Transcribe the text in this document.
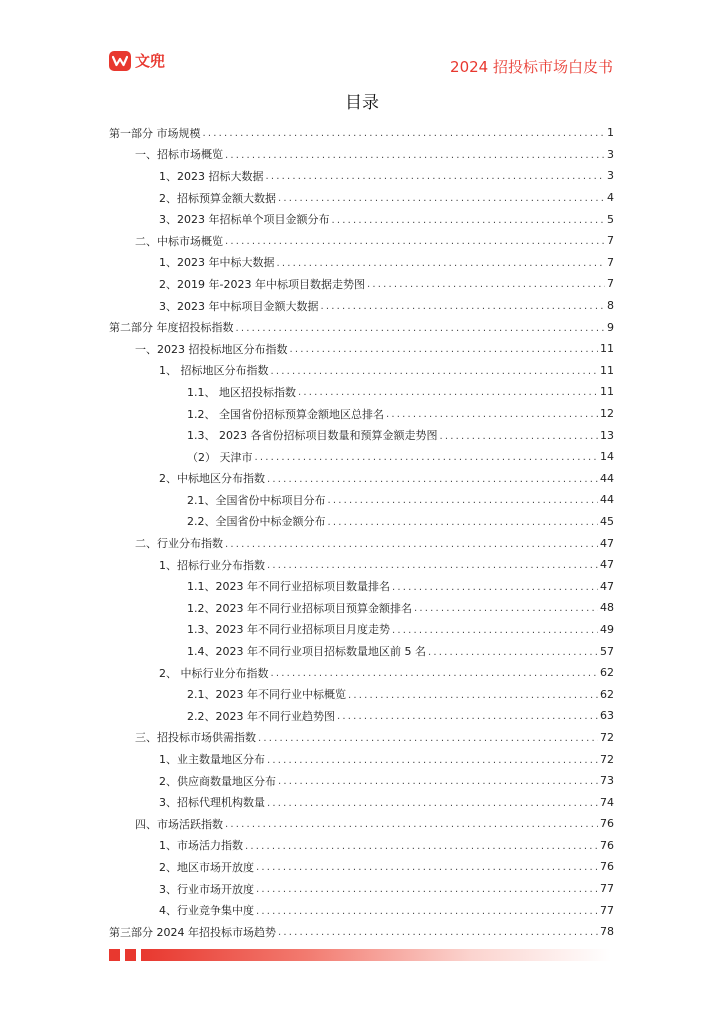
文兜	2024 招投标市场白皮书
目录
第一部分 市场规模 .....	1
一、招标市场概览 .....	3
1、2023 招标大数据 .....	3
2、招标预算金额大数据 .....	4
3、2023 年招标单个项目金额分布 .....	5
二、中标市场概览 .....	7
1、2023 年中标大数据 .....	7
2、2019 年-2023 年中标项目数据走势图 .....	7
3、2023 年中标项目金额大数据 .....	8
第二部分 年度招投标指数 .....	9
一、2023 招投标地区分布指数 .....	11
1、 招标地区分布指数 .....	11
1.1、 地区招投标指数 .....	11
1.2、 全国省份招标预算金额地区总排名 .....	12
1.3、 2023 各省份招标项目数量和预算金额走势图 .....	13
（2） 天津市 .....	14
2、中标地区分布指数 .....	44
2.1、全国省份中标项目分布 .....	44
2.2、全国省份中标金额分布 .....	45
二、行业分布指数 .....	47
1、招标行业分布指数 .....	47
1.1、2023 年不同行业招标项目数量排名 .....	47
1.2、2023 年不同行业招标项目预算金额排名 .....	48
1.3、2023 年不同行业招标项目月度走势 .....	49
1.4、2023 年不同行业项目招标数量地区前 5 名 .....	57
2、 中标行业分布指数 .....	62
2.1、2023 年不同行业中标概览 .....	62
2.2、2023 年不同行业趋势图 .....	63
三、招投标市场供需指数 .....	72
1、业主数量地区分布 .....	72
2、供应商数量地区分布 .....	73
3、招标代理机构数量 .....	74
四、市场活跃指数 .....	76
1、市场活力指数 .....	76
2、地区市场开放度 .....	76
3、行业市场开放度 .....	77
4、行业竞争集中度 .....	77
第三部分 2024 年招投标市场趋势 .....	78
